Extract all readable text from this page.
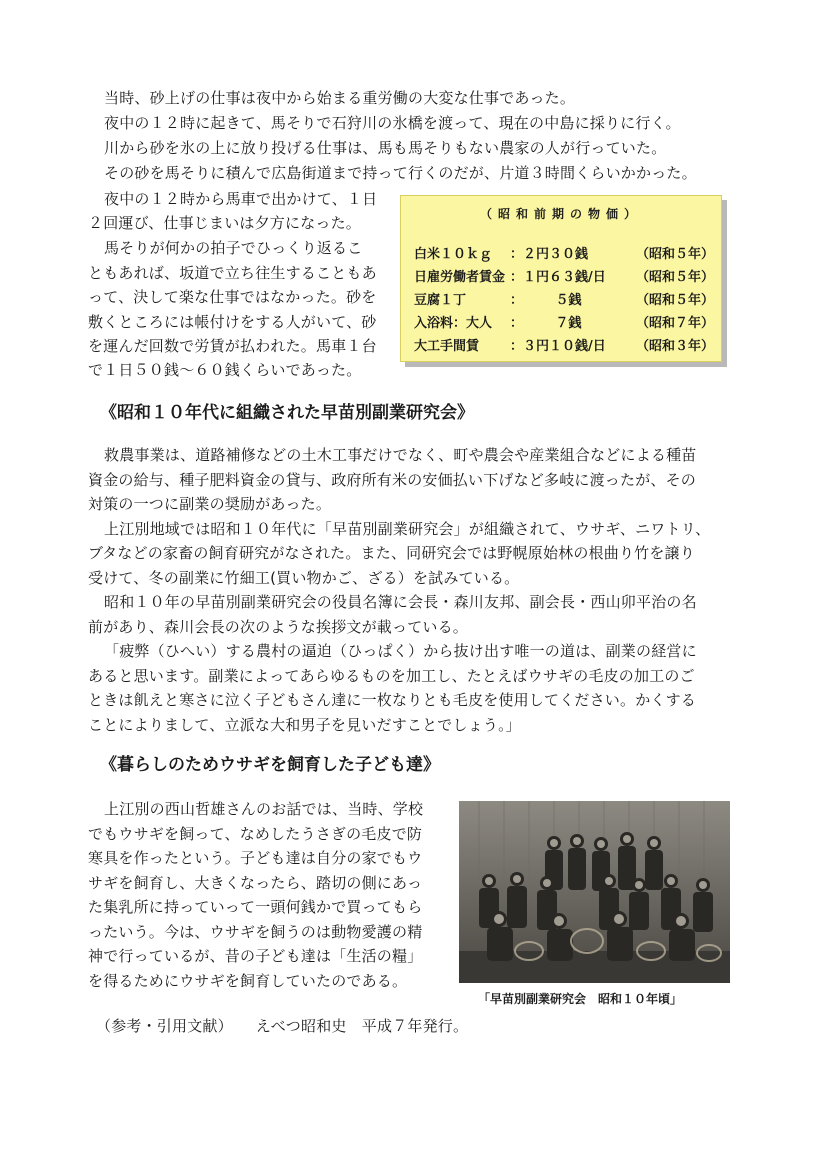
当時、砂上げの仕事は夜中から始まる重労働の大変な仕事であった。
夜中の１２時に起きて、馬そりで石狩川の氷橋を渡って、現在の中島に採りに行く。
川から砂を氷の上に放り投げる仕事は、馬も馬そりもない農家の人が行っていた。
その砂を馬そりに積んで広島街道まで持って行くのだが、片道３時間くらいかかった。
夜中の１２時から馬車で出かけて、１日
２回運び、仕事じまいは夕方になった。
馬そりが何かの拍子でひっくり返るこ
ともあれば、坂道で立ち往生することもあ
って、決して楽な仕事ではなかった。砂を
敷くところには帳付けをする人がいて、砂
を運んだ回数で労賃が払われた。馬車１台
で１日５０銭〜６０銭くらいであった。
（昭和前期の物価）
白米１０ｋｇ ：２円３０銭	（昭和５年）
日雇労働者賃金 ：１円６３銭/日 （昭和５年）
豆腐１丁	：　　　５銭	（昭和５年）
入浴料：大人 ：　　　７銭	（昭和７年）
大工手間賃 ：３円１０銭/日 （昭和３年）
《昭和１０年代に組織された早苗別副業研究会》
救農事業は、道路補修などの土木工事だけでなく、町や農会や産業組合などによる種苗
資金の給与、種子肥料資金の貸与、政府所有米の安価払い下げなど多岐に渡ったが、その
対策の一つに副業の奨励があった。
上江別地域では昭和１０年代に「早苗別副業研究会」が組織されて、ウサギ、ニワトリ、
ブタなどの家畜の飼育研究がなされた。また、同研究会では野幌原始林の根曲り竹を譲り
受けて、冬の副業に竹細工(買い物かご、ざる）を試みている。
昭和１０年の早苗別副業研究会の役員名簿に会長・森川友邦、副会長・西山卯平治の名
前があり、森川会長の次のような挨拶文が載っている。
「疲弊（ひへい）する農村の逼迫（ひっぱく）から抜け出す唯一の道は、副業の経営に
あると思います。副業によってあらゆるものを加工し、たとえばウサギの毛皮の加工のご
ときは飢えと寒さに泣く子どもさん達に一枚なりとも毛皮を使用してください。かくする
ことによりまして、立派な大和男子を見いだすことでしょう。」
《暮らしのためウサギを飼育した子ども達》
上江別の西山哲雄さんのお話では、当時、学校
でもウサギを飼って、なめしたうさぎの毛皮で防
寒具を作ったという。子ども達は自分の家でもウ
サギを飼育し、大きくなったら、踏切の側にあっ
た集乳所に持っていって一頭何銭かで買ってもら
ったいう。今は、ウサギを飼うのは動物愛護の精
神で行っているが、昔の子ども達は「生活の糧」
を得るためにウサギを飼育していたのである。
「早苗別副業研究会　昭和１０年頃」
（参考・引用文献）　　えべつ昭和史　平成７年発行。
